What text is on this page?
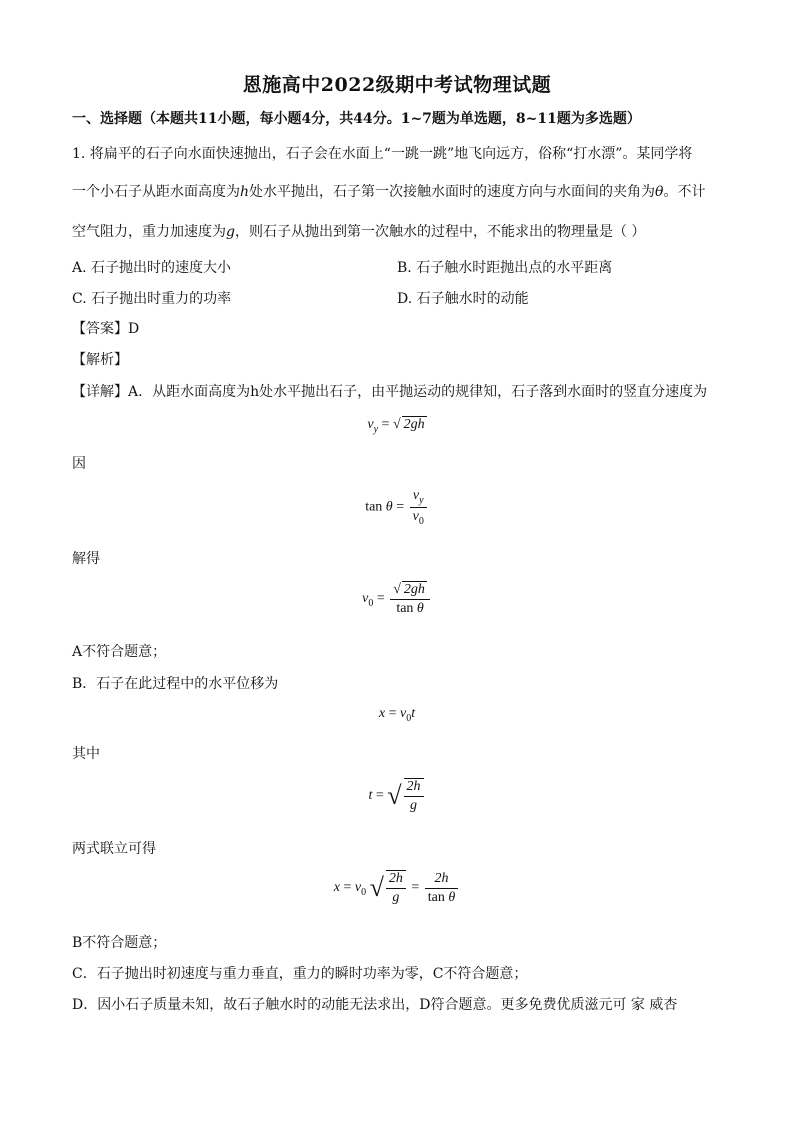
恩施高中2022级期中考试物理试题
一、选择题（本题共11小题，每小题4分，共44分。1~7题为单选题，8~11题为多选题）
1. 将扁平的石子向水面快速抛出，石子会在水面上“一跳一跳”地飞向远方，俗称“打水漂”。某同学将
一个小石子从距水面高度为h处水平抛出，石子第一次接触水面时的速度方向与水面间的夹角为θ。不计
空气阻力，重力加速度为g，则石子从抛出到第一次触水的过程中，不能求出的物理量是（ ）
A. 石子抛出时的速度大小	B. 石子触水时距抛出点的水平距离
C. 石子抛出时重力的功率	D. 石子触水时的动能
【答案】D
【解析】
【详解】A．从距水面高度为h处水平抛出石子，由平抛运动的规律知，石子落到水面时的竖直分速度为
$v_y$ = √ 2gh
因
$\tan \theta = \frac{v_y}{v_0}$
解得
$v_0 = \frac{√ 2gh}{\text{tan θ}}$
A不符合题意；
B．石子在此过程中的水平位移为
$x = v_0t$
其中
t = √ $\frac{2h}{g}$
两式联立可得
$x = v_0$ √ $\frac{2h}{g} = \frac{2h}{\text{tan θ}}$
B不符合题意；
C．石子抛出时初速度与重力垂直，重力的瞬时功率为零，C不符合题意；
D．因小石子质量未知，故石子触水时的动能无法求出，D符合题意。更多免费优质滋元可 家 威杏
